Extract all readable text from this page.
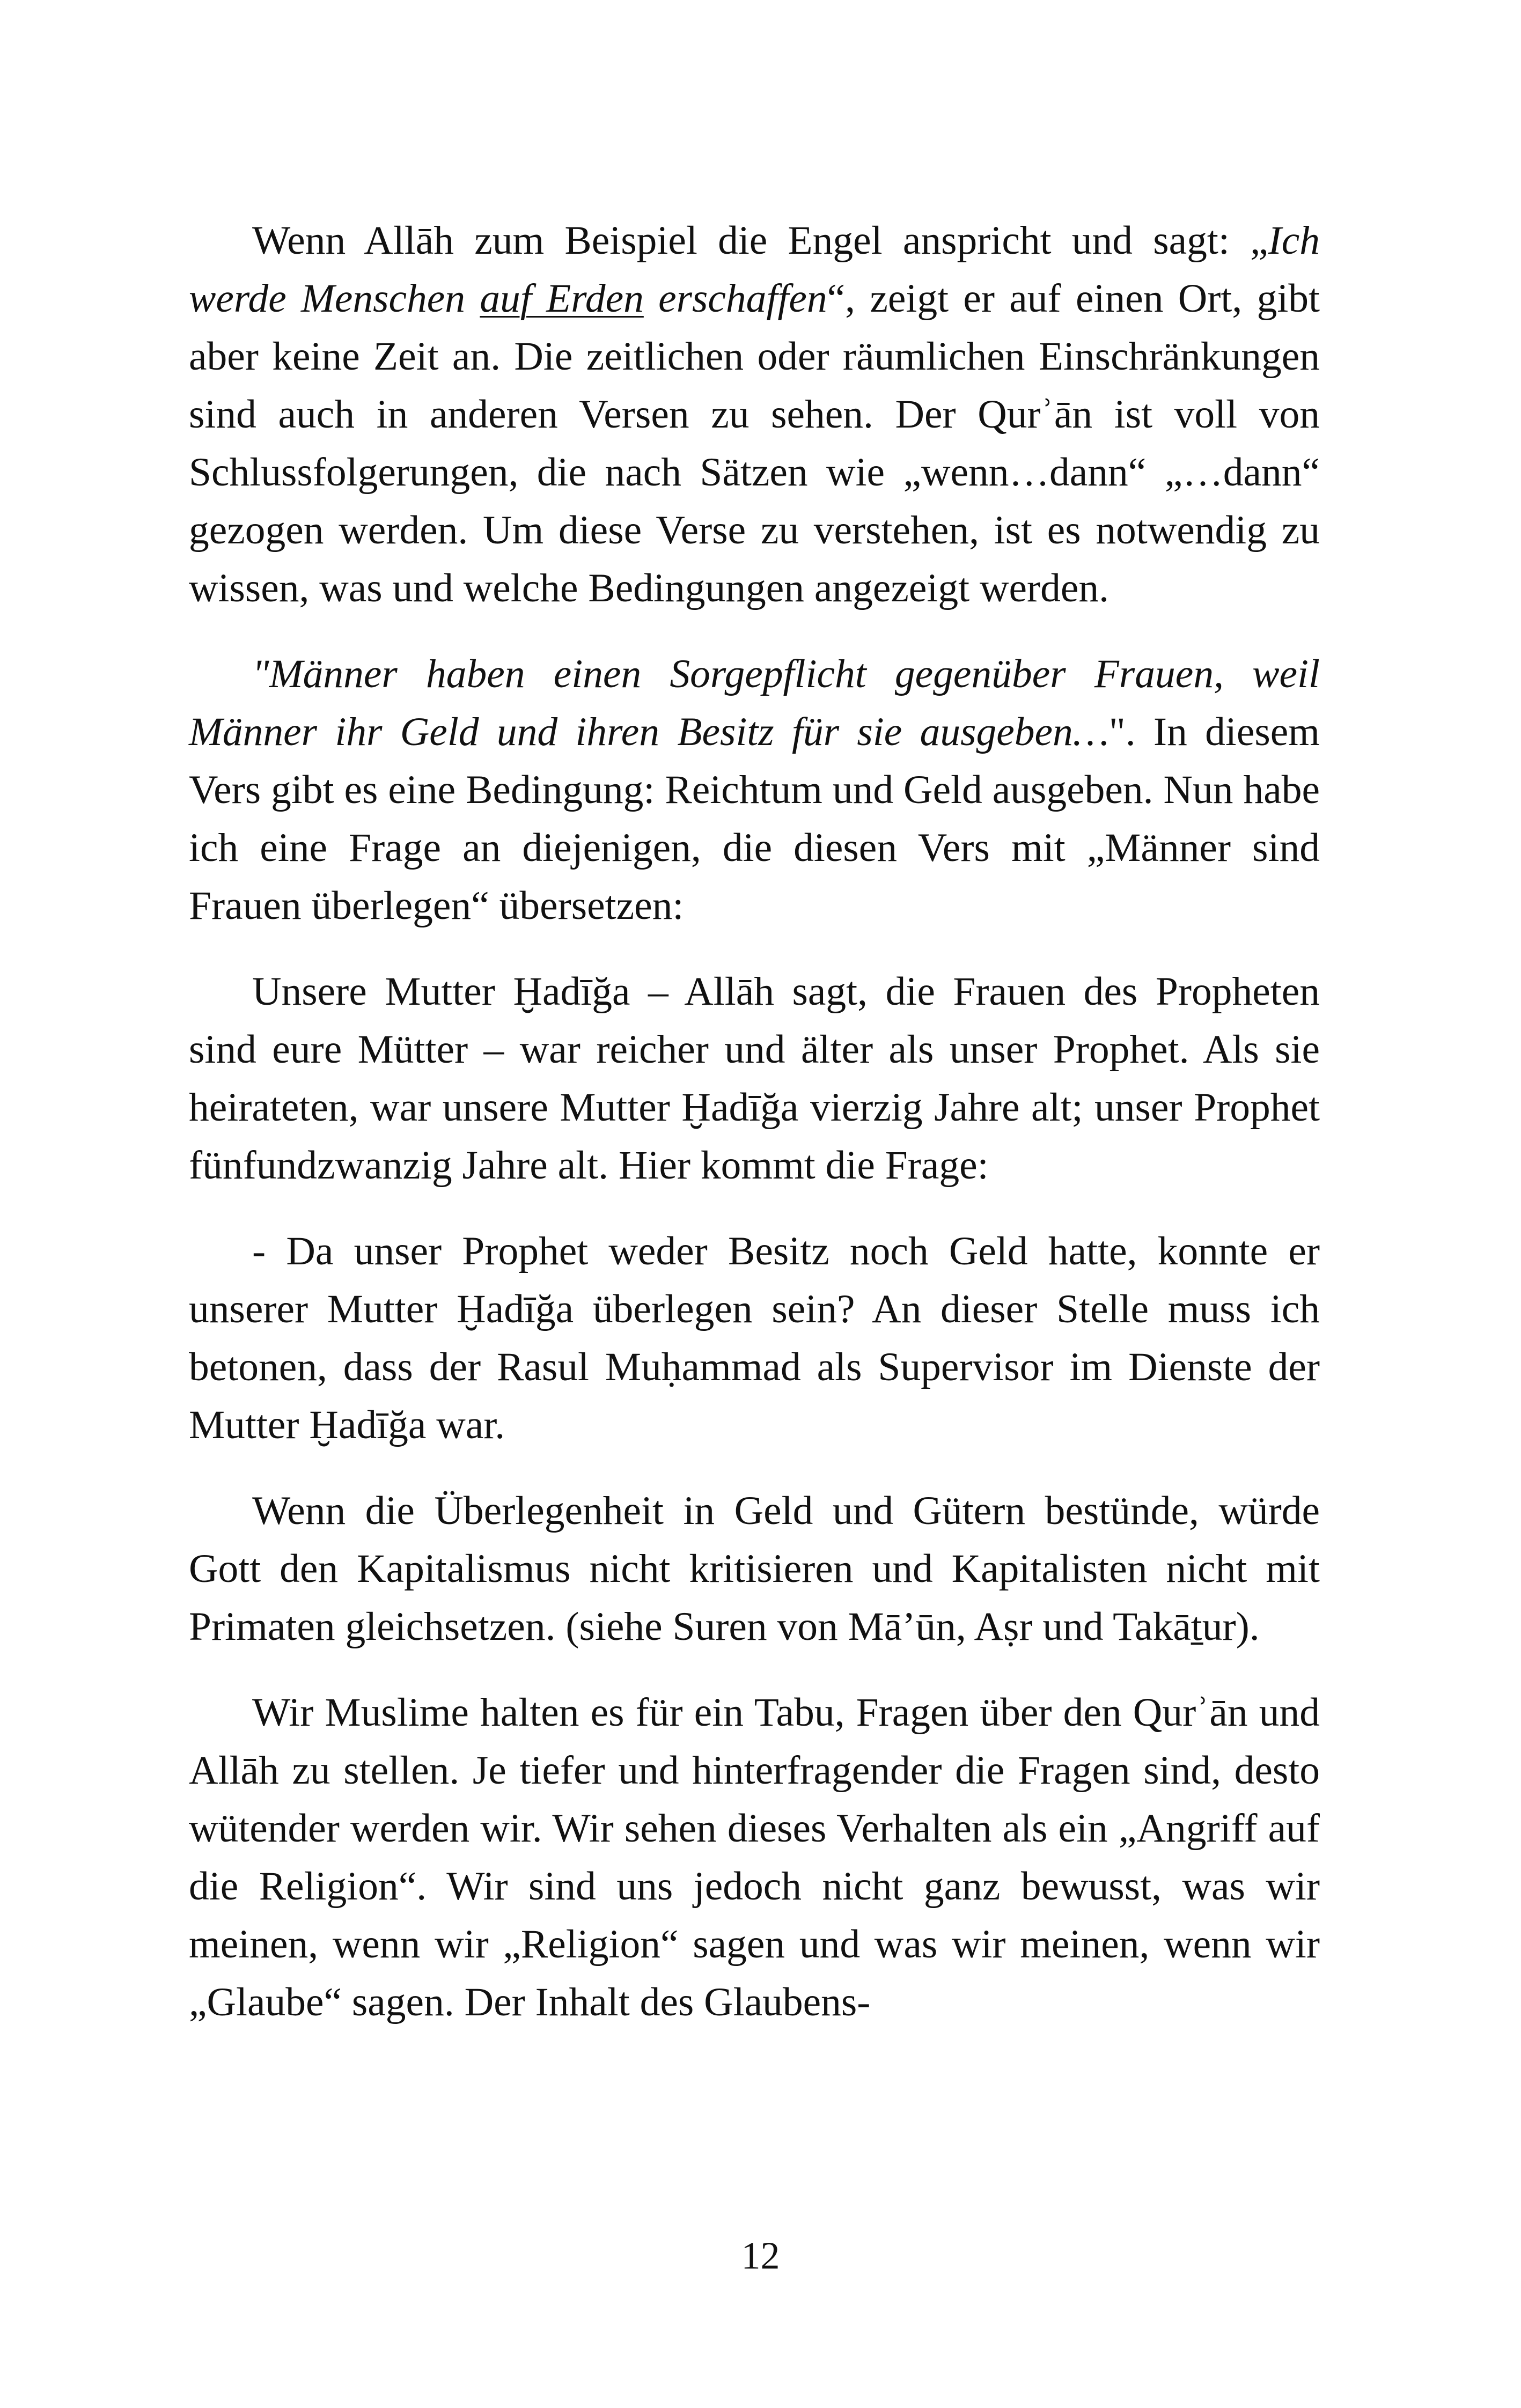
Wenn Allāh zum Beispiel die Engel anspricht und sagt: „Ich werde Menschen auf Erden erschaffen“, zeigt er auf einen Ort, gibt aber keine Zeit an. Die zeitlichen oder räumlichen Einschränkungen sind auch in anderen Versen zu sehen. Der Qurʾān ist voll von Schlussfolgerungen, die nach Sätzen wie „wenn…dann“ „…dann“ gezogen werden. Um diese Verse zu verstehen, ist es notwendig zu wissen, was und welche Bedingungen angezeigt werden.

"Männer haben einen Sorgepflicht gegenüber Frauen, weil Männer ihr Geld und ihren Besitz für sie ausgeben…". In diesem Vers gibt es eine Bedingung: Reichtum und Geld ausgeben. Nun habe ich eine Frage an diejenigen, die diesen Vers mit „Männer sind Frauen überlegen“ übersetzen:

Unsere Mutter Ḫadīğa – Allāh sagt, die Frauen des Propheten sind eure Mütter – war reicher und älter als unser Prophet. Als sie heirateten, war unsere Mutter Ḫadīğa vierzig Jahre alt; unser Prophet fünfundzwanzig Jahre alt. Hier kommt die Frage:

- Da unser Prophet weder Besitz noch Geld hatte, konnte er unserer Mutter Ḫadīğa überlegen sein? An dieser Stelle muss ich betonen, dass der Rasul Muḥammad als Supervisor im Dienste der Mutter Ḫadīğa war.

Wenn die Überlegenheit in Geld und Gütern bestünde, würde Gott den Kapitalismus nicht kritisieren und Kapitalisten nicht mit Primaten gleichsetzen. (siehe Suren von Mā’ūn, Aṣr und Takāṯur).

Wir Muslime halten es für ein Tabu, Fragen über den Qurʾān und Allāh zu stellen. Je tiefer und hinterfragender die Fragen sind, desto wütender werden wir. Wir sehen dieses Verhalten als ein „Angriff auf die Religion“. Wir sind uns jedoch nicht ganz bewusst, was wir meinen, wenn wir „Religion“ sagen und was wir meinen, wenn wir „Glaube“ sagen. Der Inhalt des Glaubens-

12
